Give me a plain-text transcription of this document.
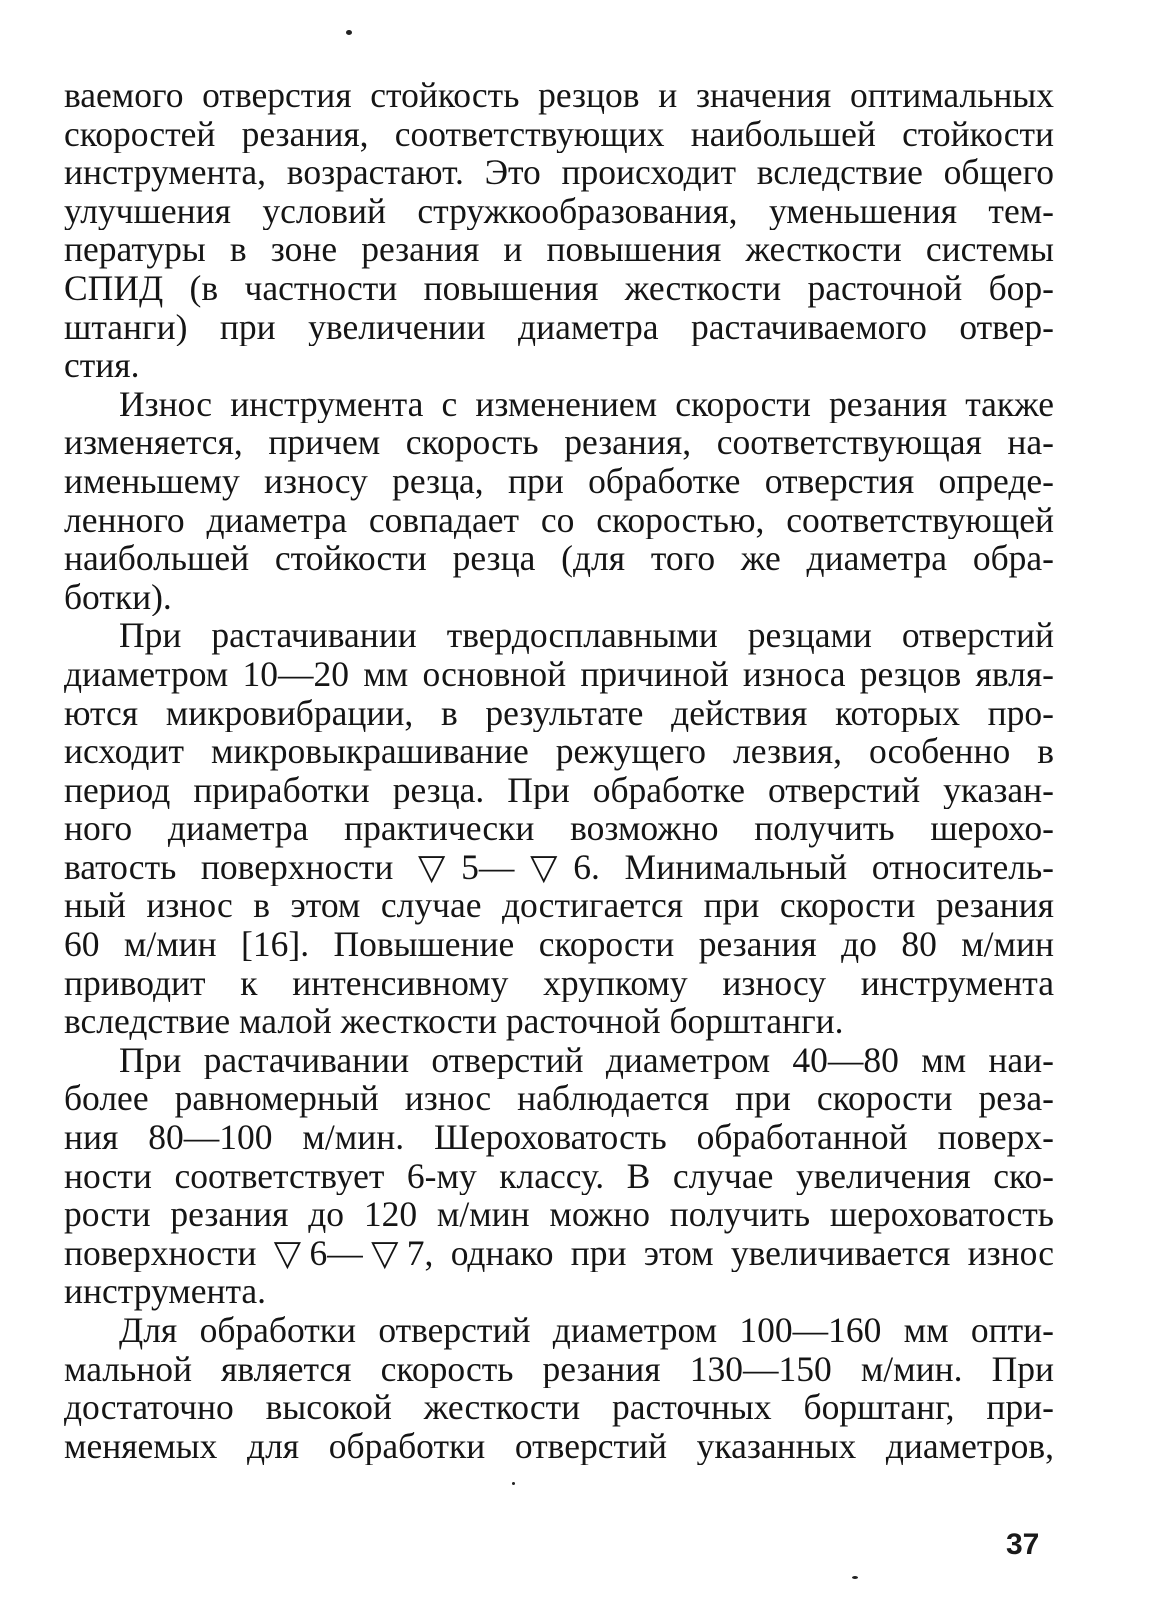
ваемого отверстия стойкость резцов и значения оптимальных
скоростей резания, соответствующих наибольшей стойкости
инструмента, возрастают. Это происходит вследствие общего
улучшения условий стружкообразования, уменьшения тем-
пературы в зоне резания и повышения жесткости системы
СПИД (в частности повышения жесткости расточной бор-
штанги) при увеличении диаметра растачиваемого отвер-
стия.
Износ инструмента с изменением скорости резания также
изменяется, причем скорость резания, соответствующая на-
именьшему износу резца, при обработке отверстия опреде-
ленного диаметра совпадает со скоростью, соответствующей
наибольшей стойкости резца (для того же диаметра обра-
ботки).
При растачивании твердосплавными резцами отверстий
диаметром 10—20 мм основной причиной износа резцов явля-
ются микровибрации, в результате действия которых про-
исходит микровыкрашивание режущего лезвия, особенно в
период приработки резца. При обработке отверстий указан-
ного диаметра практически возможно получить шерохо-
ватость поверхности ▽5—▽6. Минимальный относитель-
ный износ в этом случае достигается при скорости резания
60 м/мин [16]. Повышение скорости резания до 80 м/мин
приводит к интенсивному хрупкому износу инструмента
вследствие малой жесткости расточной борштанги.
При растачивании отверстий диаметром 40—80 мм наи-
более равномерный износ наблюдается при скорости реза-
ния 80—100 м/мин. Шероховатость обработанной поверх-
ности соответствует 6-му классу. В случае увеличения ско-
рости резания до 120 м/мин можно получить шероховатость
поверхности ▽6—▽7, однако при этом увеличивается износ
инструмента.
Для обработки отверстий диаметром 100—160 мм опти-
мальной является скорость резания 130—150 м/мин. При
достаточно высокой жесткости расточных борштанг, при-
меняемых для обработки отверстий указанных диаметров,
37
